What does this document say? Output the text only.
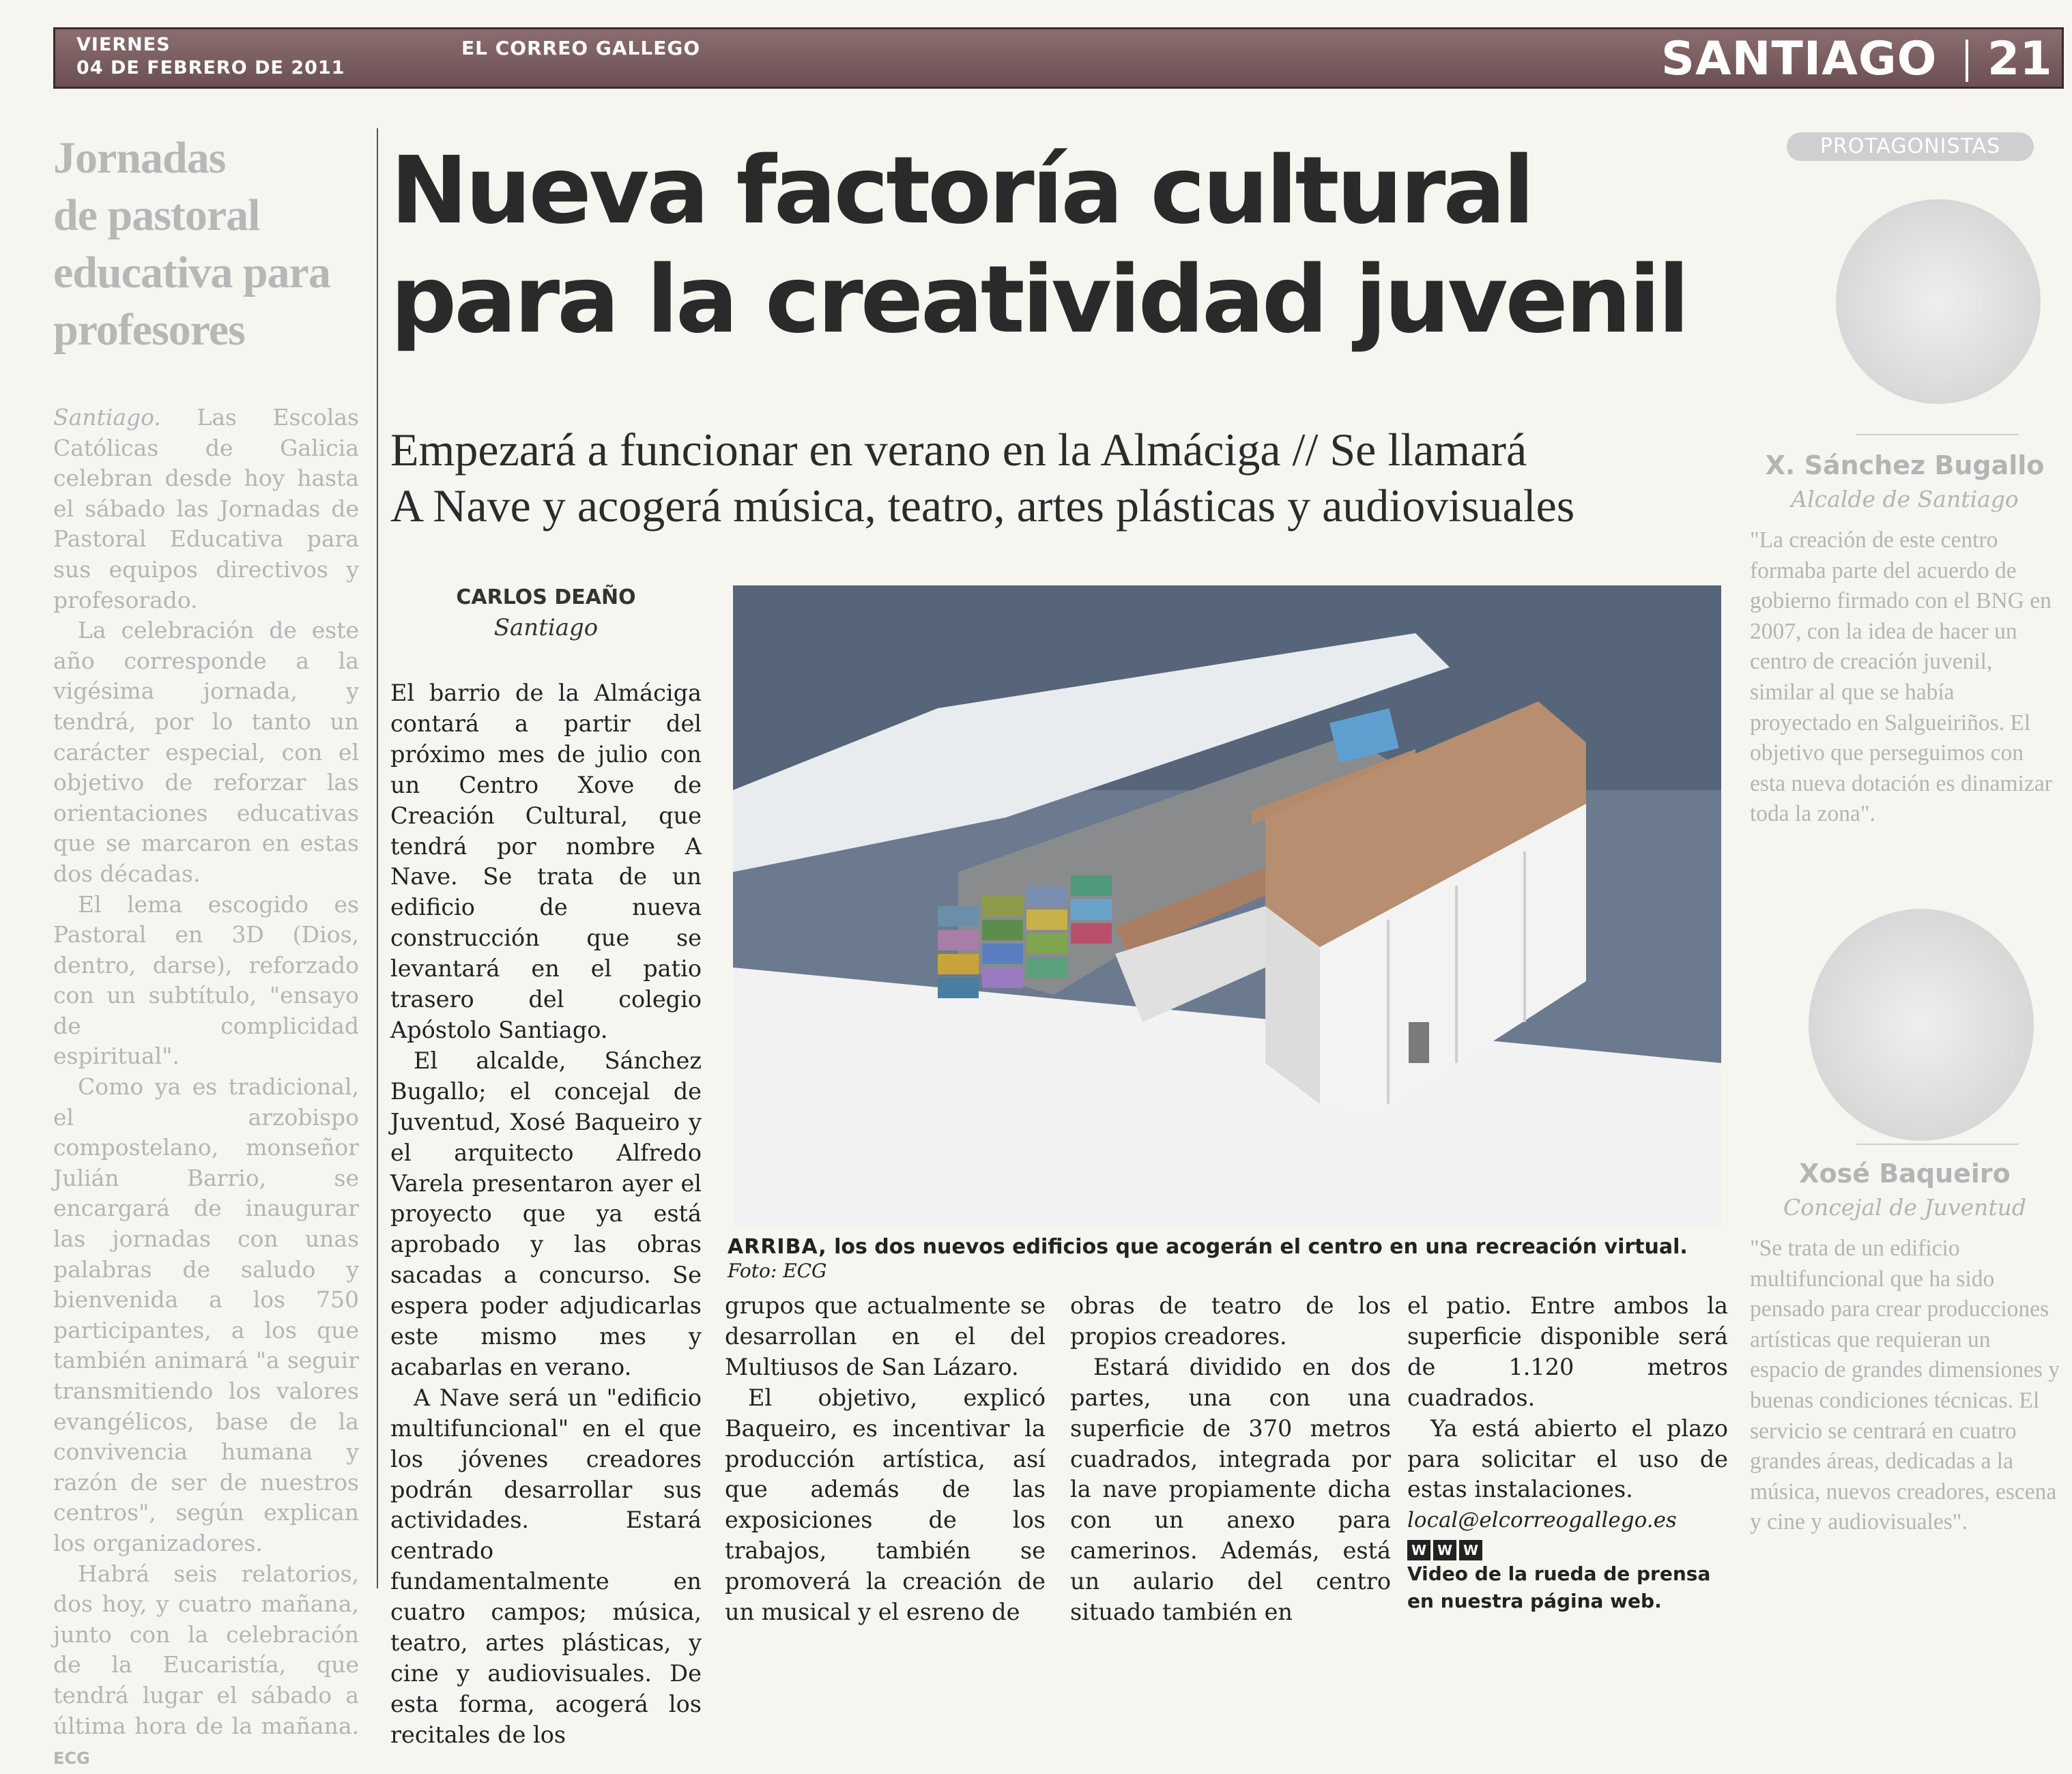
VIERNES
04 DE FEBRERO DE 2011
EL CORREO GALLEGO	SANTIAGO 21
Jornadas
de pastoral
educativa para
profesores

Santiago. Las Escolas Católicas de Galicia celebran desde hoy hasta el sábado las Jornadas de Pastoral Educativa para sus equipos directivos y profesorado.

La celebración de este año corresponde a la vigésima jornada, y tendrá, por lo tanto un carácter especial, con el objetivo de reforzar las orientaciones educativas que se marcaron en estas dos décadas.

El lema escogido es Pastoral en 3D (Dios, dentro, darse), reforzado con un subtítulo, "ensayo de complicidad espiritual".

Como ya es tradicional, el arzobispo compostelano, monseñor Julián Barrio, se encargará de inaugurar las jornadas con unas palabras de saludo y bienvenida a los 750 participantes, a los que también animará "a seguir transmitiendo los valores evangélicos, base de la convivencia humana y razón de ser de nuestros centros", según explican los organizadores.

Habrá seis relatorios, dos hoy, y cuatro mañana, junto con la celebración de la Eucaristía, que tendrá lugar el sábado a última hora de la mañana. ECG

Nueva factoría cultural
para la creatividad juvenil
Empezará a funcionar en verano en la Almáciga // Se llamará
A Nave y acogerá música, teatro, artes plásticas y audiovisuales
CARLOS DEAÑO
Santiago

El barrio de la Almáciga contará a partir del próximo mes de julio con un Centro Xove de Creación Cultural, que tendrá por nombre A Nave. Se trata de un edificio de nueva construcción que se levantará en el patio trasero del colegio Apóstolo Santiago.

El alcalde, Sánchez Bugallo; el concejal de Juventud, Xosé Baqueiro y el arquitecto Alfredo Varela presentaron ayer el proyecto que ya está aprobado y las obras sacadas a concurso. Se espera poder adjudicarlas este mismo mes y acabarlas en verano.

A Nave será un "edificio multifuncional" en el que los jóvenes creadores podrán desarrollar sus actividades. Estará centrado fundamentalmente en cuatro campos; música, teatro, artes plásticas, y cine y audiovisuales. De esta forma, acogerá los recitales de los

ARRIBA, los dos nuevos edificios que acogerán el centro en una recreación virtual. Foto: ECG

grupos que actualmente se desarrollan en el del Multiusos de San Lázaro.

El objetivo, explicó Baqueiro, es incentivar la producción artística, así que además de las exposiciones de los trabajos, también se promoverá la creación de un musical y el esreno de

obras de teatro de los propios creadores.

Estará dividido en dos partes, una con una superficie de 370 metros cuadrados, integrada por la nave propiamente dicha con un anexo para camerinos. Además, está un aulario del centro situado también en

el patio. Entre ambos la superficie disponible será de 1.120 metros cuadrados.

Ya está abierto el plazo para solicitar el uso de estas instalaciones.

local@elcorreogallego.es
W W W

Video de la rueda de prensa en nuestra página web.

PROTAGONISTAS
X. Sánchez Bugallo
Alcalde de Santiago
"La creación de este centro formaba parte del acuerdo de gobierno firmado con el BNG en 2007, con la idea de hacer un centro de creación juvenil, similar al que se había proyectado en Salgueiriños. El objetivo que perseguimos con esta nueva dotación es dinamizar toda la zona".
Xosé Baqueiro
Concejal de Juventud
"Se trata de un edificio multifuncional que ha sido pensado para crear producciones artísticas que requieran un espacio de grandes dimensiones y buenas condiciones técnicas. El servicio se centrará en cuatro grandes áreas, dedicadas a la música, nuevos creadores, escena y cine y audiovisuales".
